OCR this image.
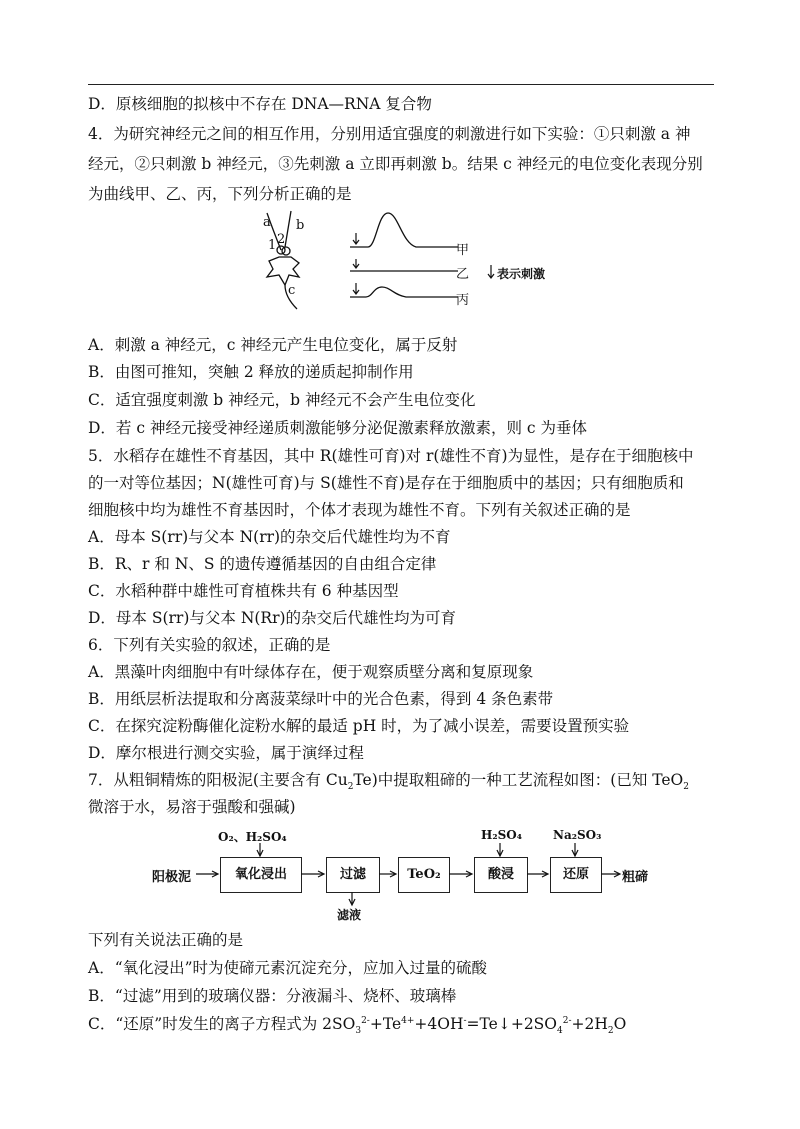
D．原核细胞的拟核中不存在 DNA—RNA 复合物
4．为研究神经元之间的相互作用，分别用适宜强度的刺激进行如下实验：①只刺激 a 神
经元，②只刺激 b 神经元，③先刺激 a 立即再刺激 b。结果 c 神经元的电位变化表现分别
为曲线甲、乙、丙，下列分析正确的是
a b
1 2
c
甲
乙
丙
表示刺激
A．刺激 a 神经元，c 神经元产生电位变化，属于反射
B．由图可推知，突触 2 释放的递质起抑制作用
C．适宜强度刺激 b 神经元，b 神经元不会产生电位变化
D．若 c 神经元接受神经递质刺激能够分泌促激素释放激素，则 c 为垂体
5．水稻存在雄性不育基因，其中 R(雄性可育)对 r(雄性不育)为显性，是存在于细胞核中
的一对等位基因；N(雄性可育)与 S(雄性不育)是存在于细胞质中的基因；只有细胞质和
细胞核中均为雄性不育基因时，个体才表现为雄性不育。下列有关叙述正确的是
A．母本 S(rr)与父本 N(rr)的杂交后代雄性均为不育
B．R、r 和 N、S 的遗传遵循基因的自由组合定律
C．水稻种群中雄性可育植株共有 6 种基因型
D．母本 S(rr)与父本 N(Rr)的杂交后代雄性均为可育
6．下列有关实验的叙述，正确的是
A．黑藻叶肉细胞中有叶绿体存在，便于观察质壁分离和复原现象
B．用纸层析法提取和分离菠菜绿叶中的光合色素，得到 4 条色素带
C．在探究淀粉酶催化淀粉水解的最适 pH 时，为了减小误差，需要设置预实验
D．摩尔根进行测交实验，属于演绎过程
7．从粗铜精炼的阳极泥(主要含有 $Cu_2Te$)中提取粗碲的一种工艺流程如图：(已知 TeO$_2$
微溶于水，易溶于强酸和强碱)
O₂、H₂SO₄	H₂SO₄	Na₂SO₃
阳极泥	氧化浸出	过滤	TeO₂	酸浸	还原	粗碲
滤液
下列有关说法正确的是
A．“氧化浸出”时为使碲元素沉淀充分，应加入过量的硫酸
B．“过滤”用到的玻璃仪器：分液漏斗、烧杯、玻璃棒
C．“还原”时发生的离子方程式为 $2SO_3^{2-}+Te^{4+}+4OH^-=Te↓+2SO_4^{2-}+2H_2O$
